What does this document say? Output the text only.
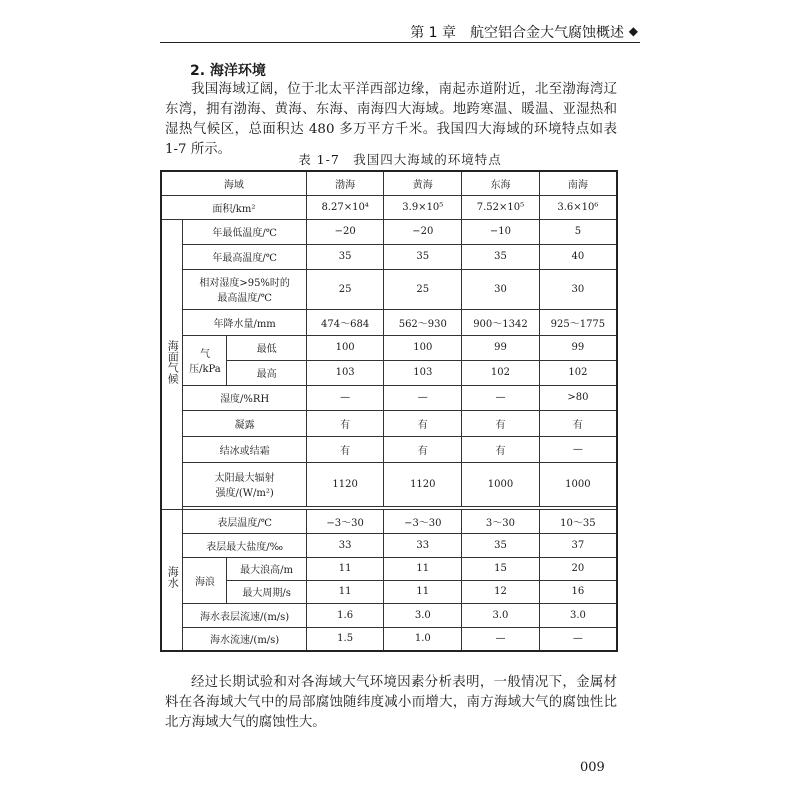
第 1 章　航空铝合金大气腐蚀概述 ◆
2. 海洋环境

我国海域辽阔，位于北太平洋西部边缘，南起赤道附近，北至渤海湾辽东湾，拥有渤海、黄海、东海、南海四大海域。地跨寒温、暖温、亚湿热和湿热气候区，总面积达 480 多万平方千米。我国四大海域的环境特点如表 1-7 所示。

表 1-7　我国四大海域的环境特点
海域			渤海	黄海	东海	南海
面积/km²			8.27×10⁴	3.9×10⁵	7.52×10⁵	3.6×10⁶
海面气候	年最低温度/℃		−20	−20	−10	5
	年最高温度/℃		35	35	35	40

	相对湿度>95%时的
最高温度/℃		25	25	30	30
	年降水量/mm		474～684	562～930	900～1342	925～1775
	气压/kPa	最低	100	100	99	99
		最高	103	103	102	102
	湿度/%RH		—	—	—	>80
	凝露		有	有	有	有
	结冰或结霜		有	有	有	—

	太阳最大辐射
强度/(W/m²)		1120	1120	1000	1000

海水	表层温度/℃		−3～30	−3～30	3～30	10～35
	表层最大盐度/‰		33	33	35	37
	海浪	最大浪高/m	11	11	15	20
		最大周期/s	11	11	12	16
	海水表层流速/(m/s)		1.6	3.0	3.0	3.0
	海水流速/(m/s)		1.5	1.0	—	—

经过长期试验和对各海域大气环境因素分析表明，一般情况下，金属材料在各海域大气中的局部腐蚀随纬度减小而增大，南方海域大气的腐蚀性比北方海域大气的腐蚀性大。

009
